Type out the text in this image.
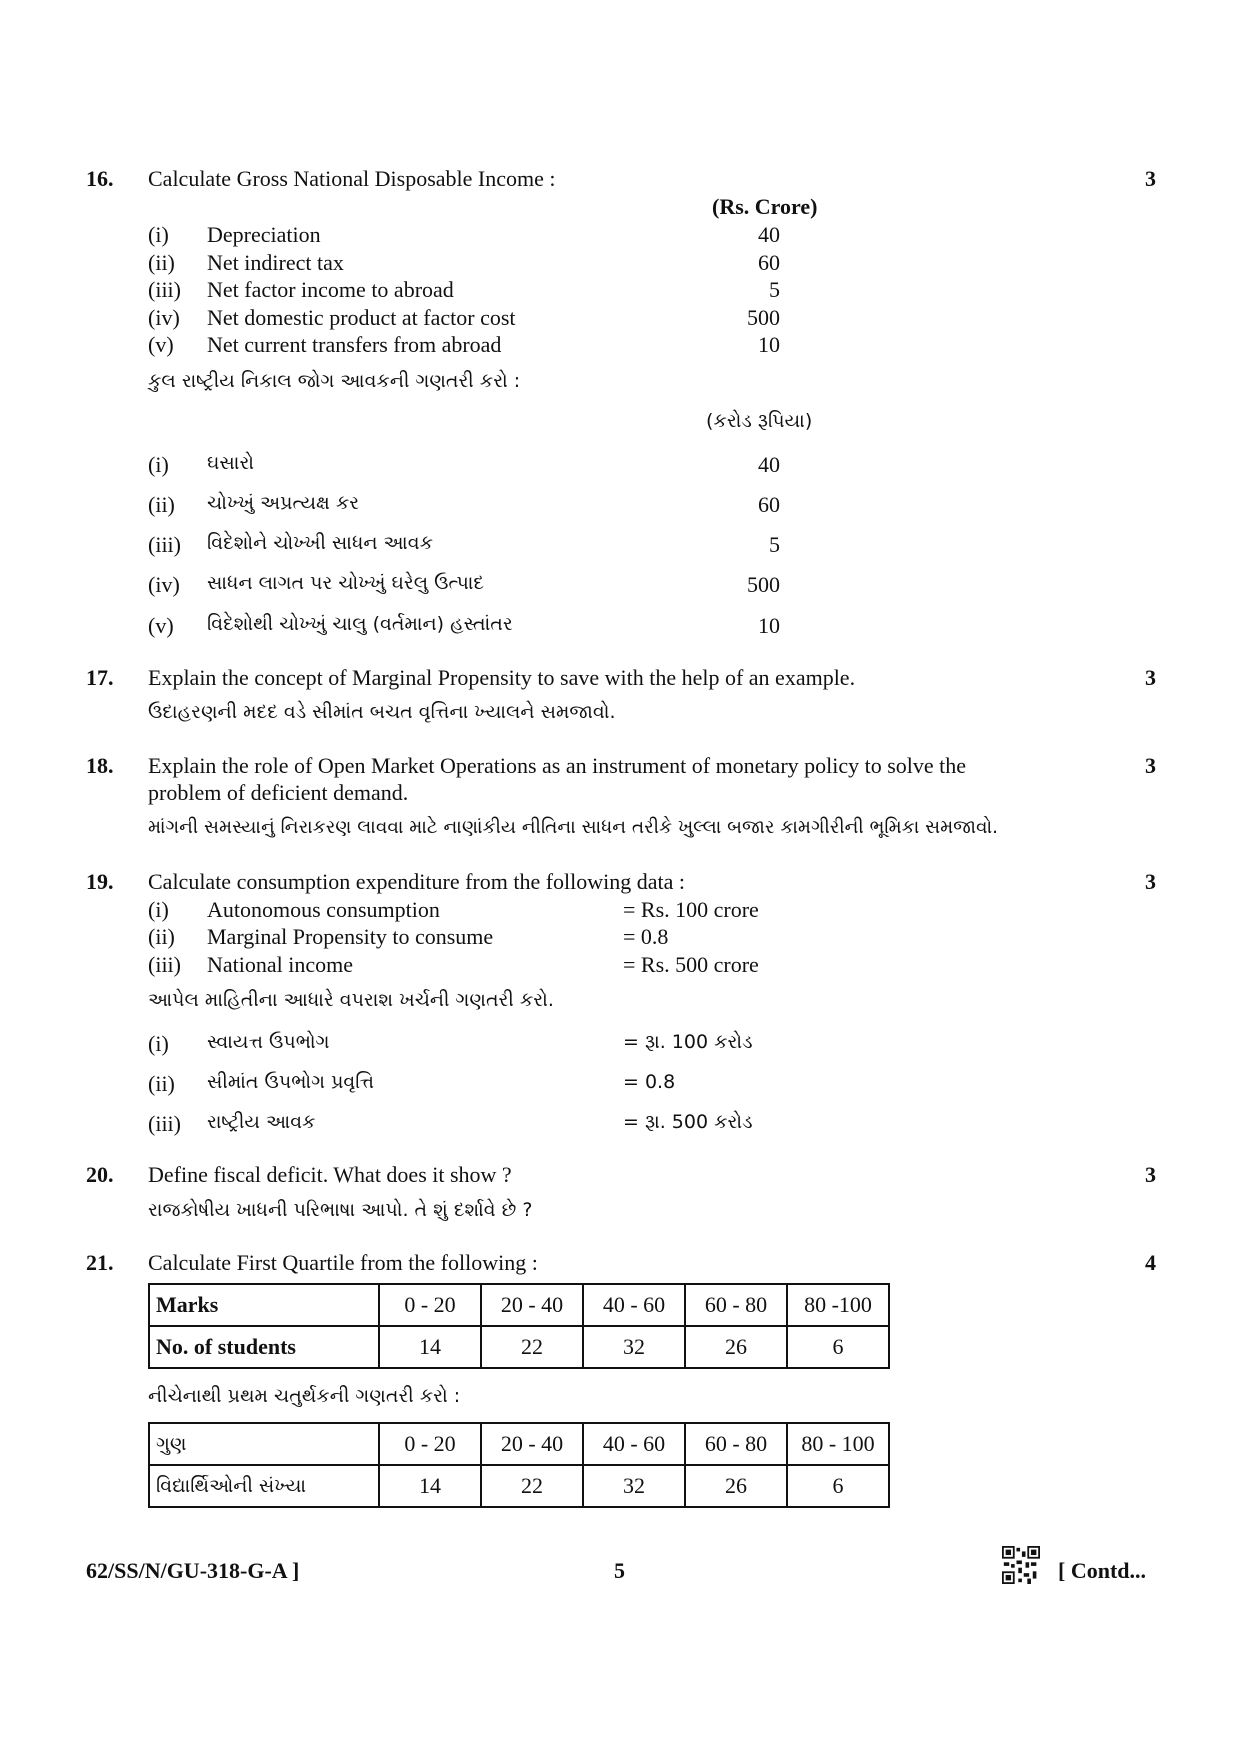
16. Calculate Gross National Disposable Income :	3
(Rs. Crore)
(i) Depreciation	40
(ii) Net indirect tax	60
(iii) Net factor income to abroad	5
(iv) Net domestic product at factor cost	500
(v) Net current transfers from abroad	10
કુલ રાષ્ટ્રીય નિકાલ જોગ આવકની ગણતરી કરો :
(કરોડ રૂપિયા)
(i) ઘસારો	40
(ii) ચોખ્ખું અપ્રત્યક્ષ કર	60
(iii) વિદેશોને ચોખ્ખી સાધન આવક	5
(iv) સાધન લાગત પર ચોખ્ખું ઘરેલુ ઉત્પાદ	500
(v) વિદેશોથી ચોખ્ખું ચાલુ (વર્તમાન) હસ્તાંતર	10
17. Explain the concept of Marginal Propensity to save with the help of an example.	3
ઉદાહરણની મદદ વડે સીમાંત બચત વૃત્તિના ખ્યાલને સમજાવો.
18. Explain the role of Open Market Operations as an instrument of monetary policy to solve the	3
problem of deficient demand.
માંગની સમસ્યાનું નિરાકરણ લાવવા માટે નાણાંકીય નીતિના સાધન તરીકે ખુલ્લા બજાર કામગીરીની ભૂમિકા સમજાવો.
19. Calculate consumption expenditure from the following data :	3
(i) Autonomous consumption	= Rs. 100 crore
(ii) Marginal Propensity to consume	= 0.8
(iii) National income	= Rs. 500 crore
આપેલ માહિતીના આધારે વપરાશ ખર્ચની ગણતરી કરો.
(i) સ્વાયત્ત ઉપભોગ	= રૂા. 100 કરોડ
(ii) સીમાંત ઉપભોગ પ્રવૃત્તિ	= 0.8
(iii) રાષ્ટ્રીય આવક	= રૂા. 500 કરોડ
20. Define fiscal deficit. What does it show ?	3
રાજકોષીય ખાધની પરિભાષા આપો. તે શું દર્શાવે છે ?
21. Calculate First Quartile from the following :	4
Marks	0 - 20	20 - 40	40 - 60	60 - 80	80 -100
No. of students	14	22	32	26	6
નીચેનાથી પ્રથમ ચતુર્થકની ગણતરી કરો :
ગુણ	0 - 20	20 - 40	40 - 60	60 - 80	80 - 100
વિદ્યાર્થિઓની સંખ્યા	14	22	32	26	6
62/SS/N/GU-318-G-A ]	5	[ Contd...
